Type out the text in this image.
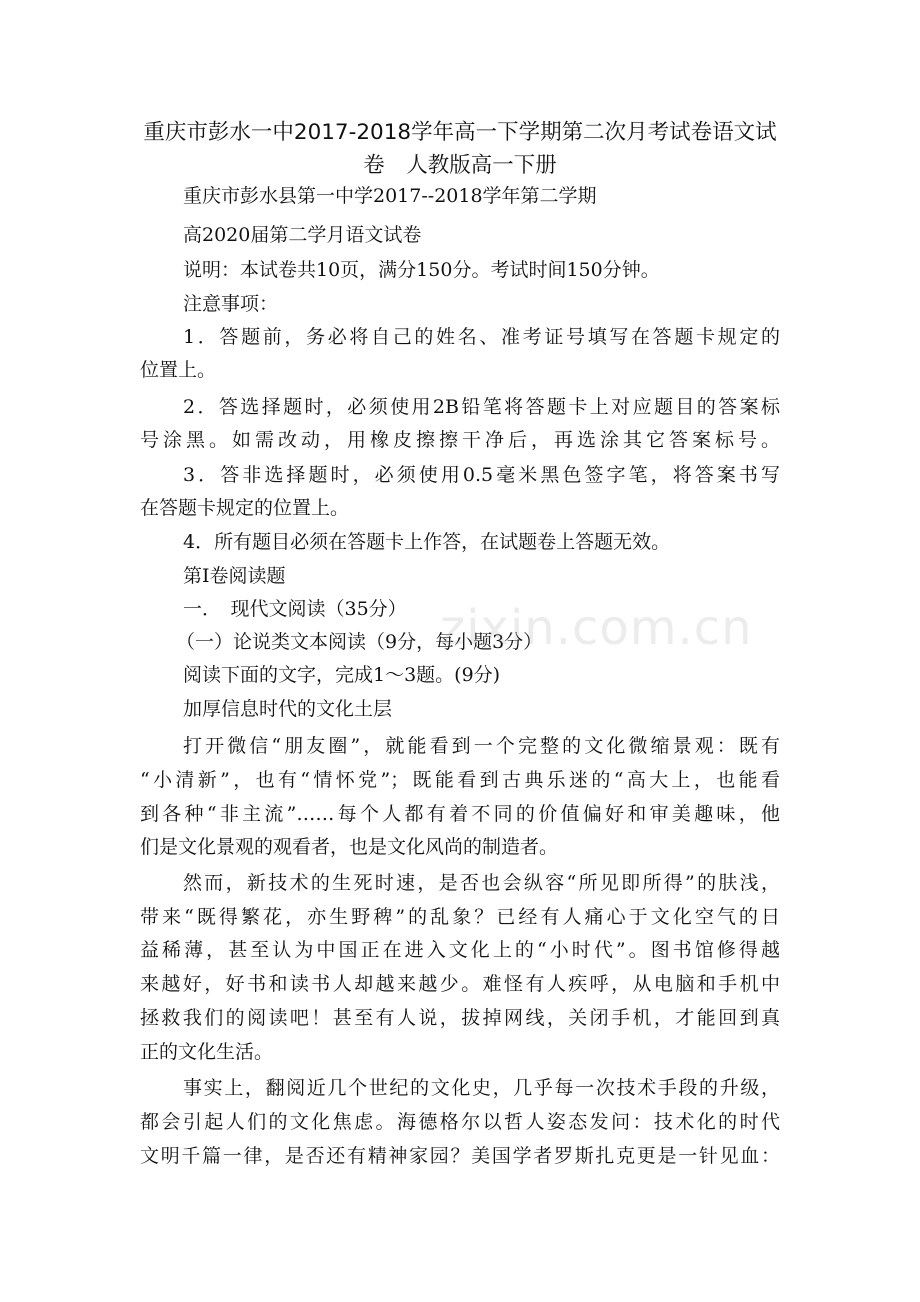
重庆市彭水一中2017-2018学年高一下学期第二次月考试卷语文试卷　人教版高一下册
重庆市彭水县第一中学2017--2018学年第二学期
高2020届第二学月语文试卷
说明：本试卷共10页，满分150分。考试时间150分钟。
注意事项：
1．答题前，务必将自己的姓名、准考证号填写在答题卡规定的
位置上。
2．答选择题时，必须使用2B铅笔将答题卡上对应题目的答案标
号涂黑。如需改动，用橡皮擦擦干净后，再选涂其它答案标号。
3．答非选择题时，必须使用0.5毫米黑色签字笔，将答案书写
在答题卡规定的位置上。
4．所有题目必须在答题卡上作答，在试题卷上答题无效。
第Ⅰ卷阅读题
一．　现代文阅读（35分）
（一）论说类文本阅读（9分，每小题3分）
阅读下面的文字，完成1～3题。(9分)
加厚信息时代的文化土层
打开微信“朋友圈”，就能看到一个完整的文化微缩景观：既有
“小清新”，也有“情怀党”；既能看到古典乐迷的“高大上，也能看
到各种“非主流”……每个人都有着不同的价值偏好和审美趣味，他
们是文化景观的观看者，也是文化风尚的制造者。
然而，新技术的生死时速，是否也会纵容“所见即所得”的肤浅，
带来“既得繁花，亦生野稗”的乱象？已经有人痛心于文化空气的日
益稀薄，甚至认为中国正在进入文化上的“小时代”。图书馆修得越
来越好，好书和读书人却越来越少。难怪有人疾呼，从电脑和手机中
拯救我们的阅读吧！甚至有人说，拔掉网线，关闭手机，才能回到真
正的文化生活。
事实上，翻阅近几个世纪的文化史，几乎每一次技术手段的升级，
都会引起人们的文化焦虑。海德格尔以哲人姿态发问：技术化的时代
文明千篇一律，是否还有精神家园？美国学者罗斯扎克更是一针见血：
zixin.com.cn
